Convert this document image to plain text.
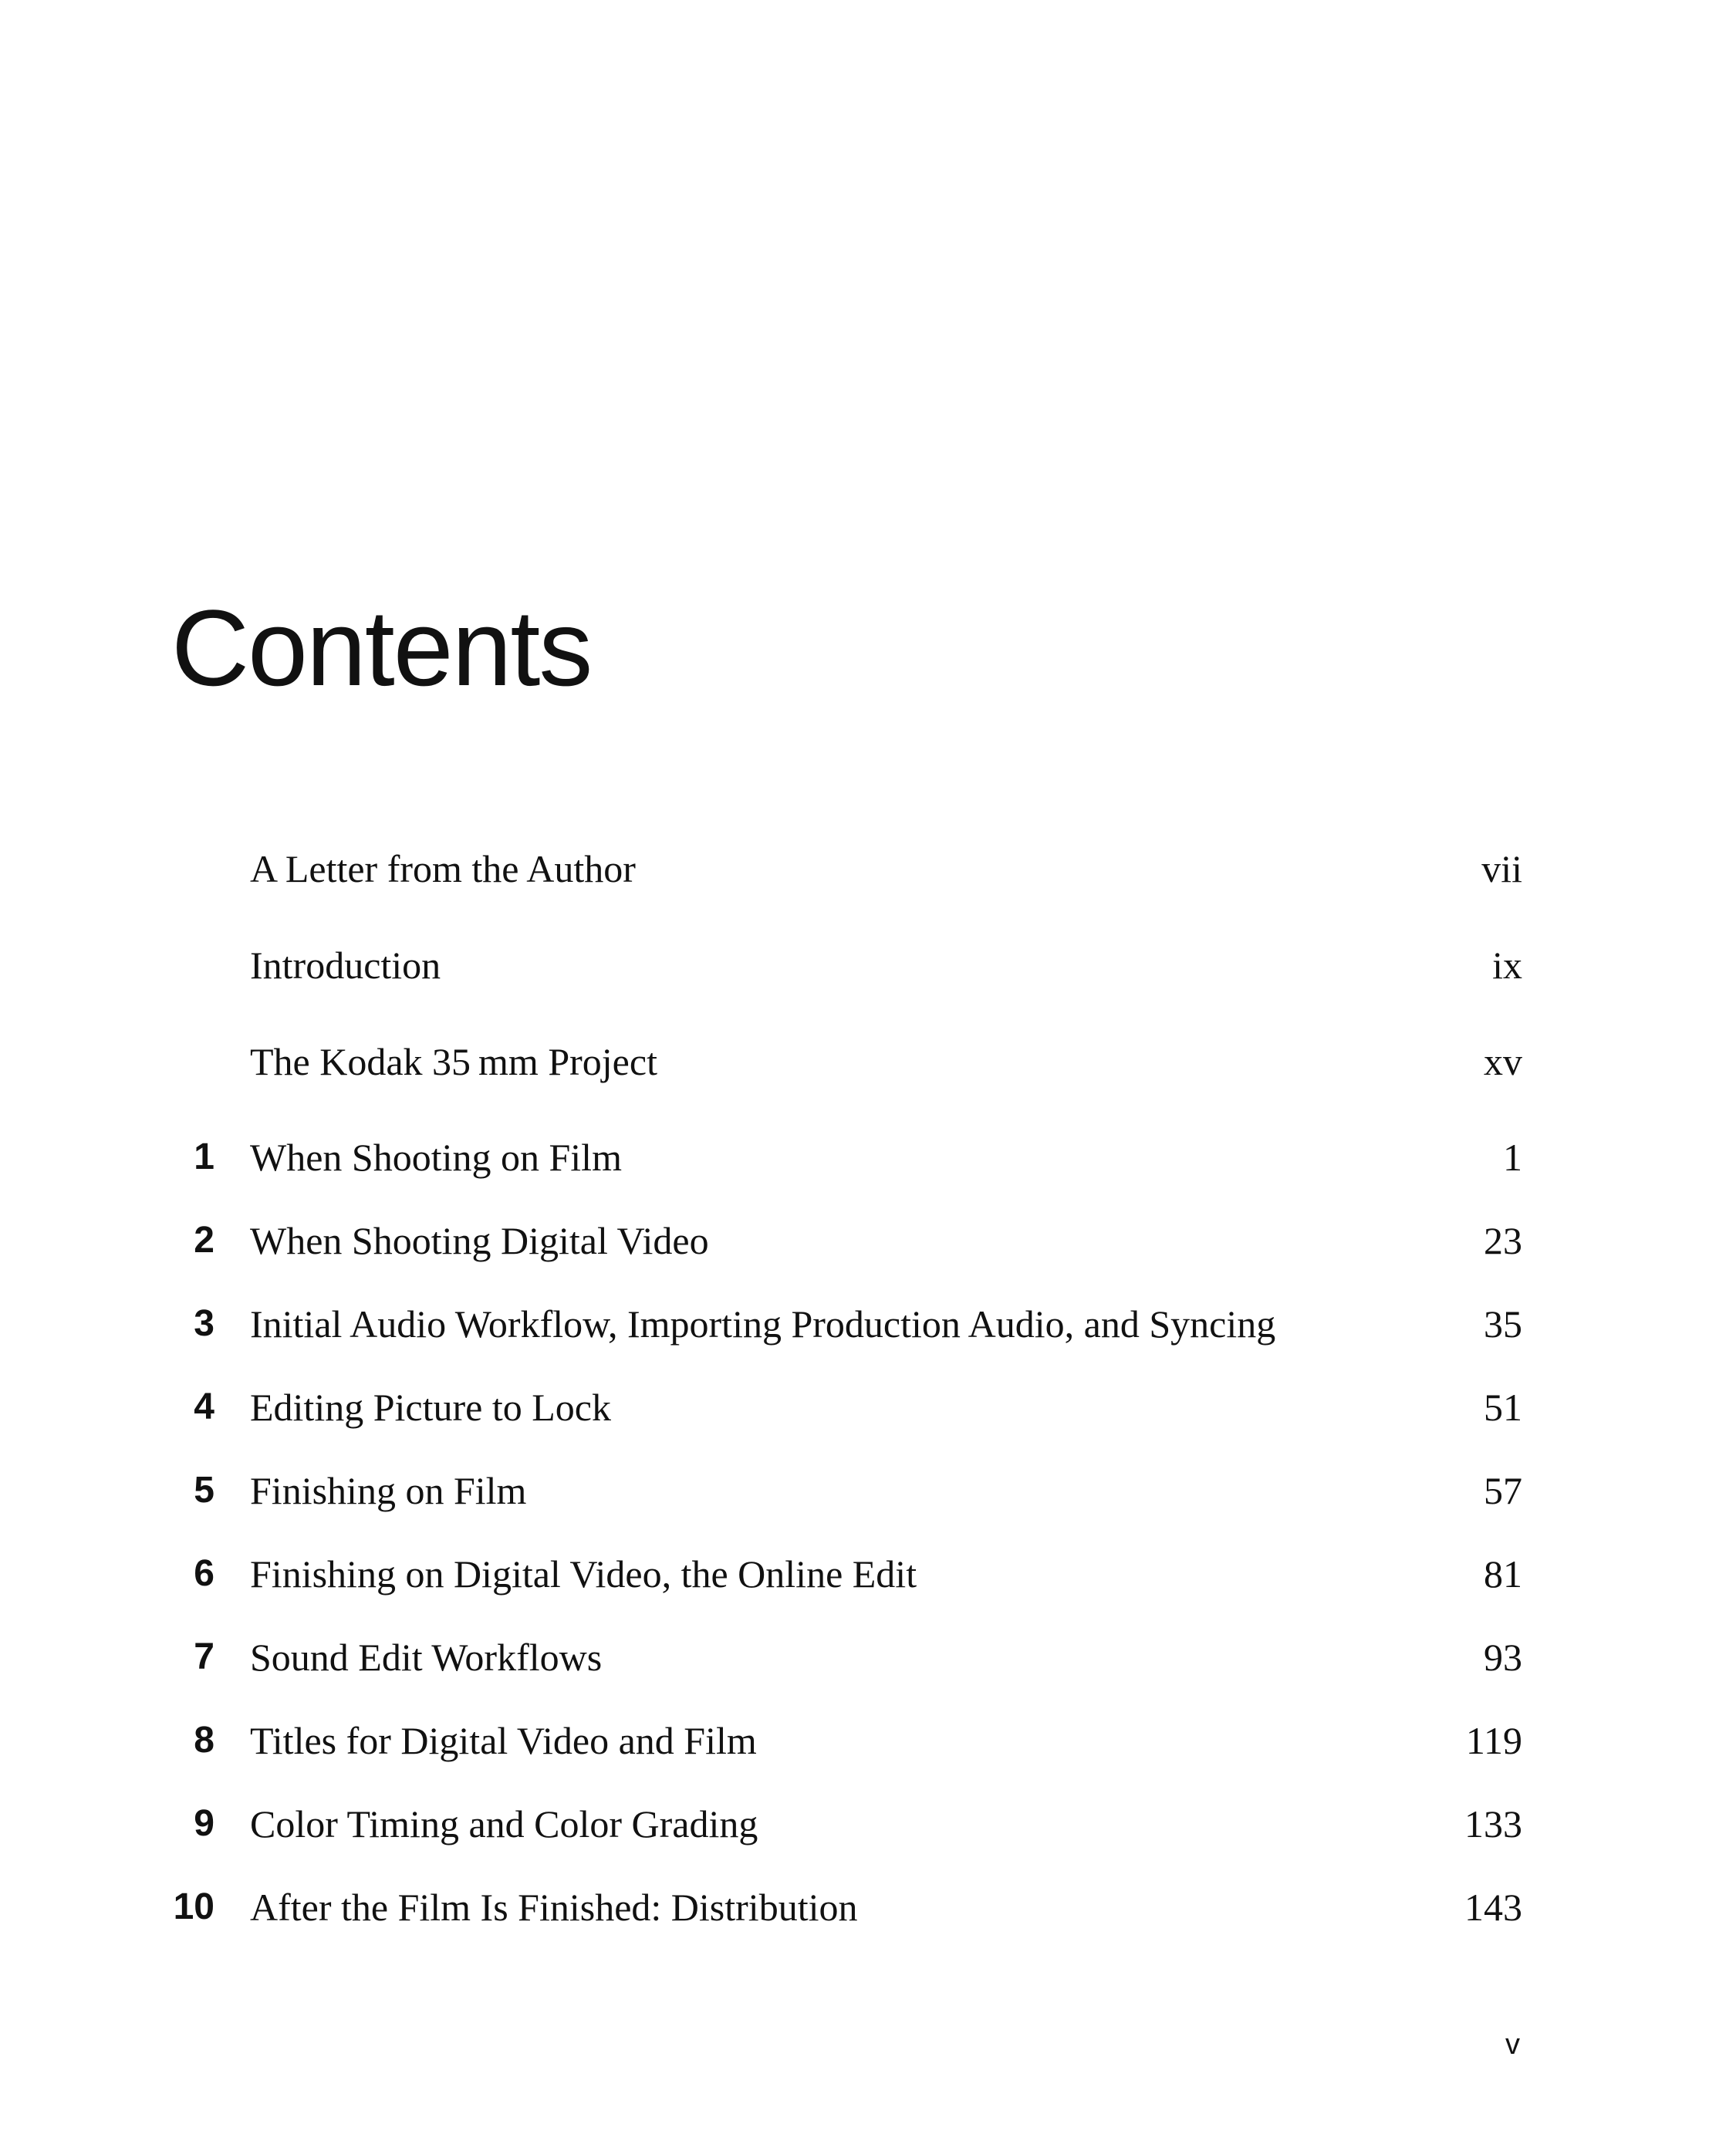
Contents
A Letter from the Author	vii
Introduction	ix
The Kodak 35 mm Project	xv
1 When Shooting on Film	1
2 When Shooting Digital Video	23
3 Initial Audio Workflow, Importing Production Audio, and Syncing	35
4 Editing Picture to Lock	51
5 Finishing on Film	57
6 Finishing on Digital Video, the Online Edit	81
7 Sound Edit Workflows	93
8 Titles for Digital Video and Film	119
9 Color Timing and Color Grading	133
10 After the Film Is Finished: Distribution	143
v
